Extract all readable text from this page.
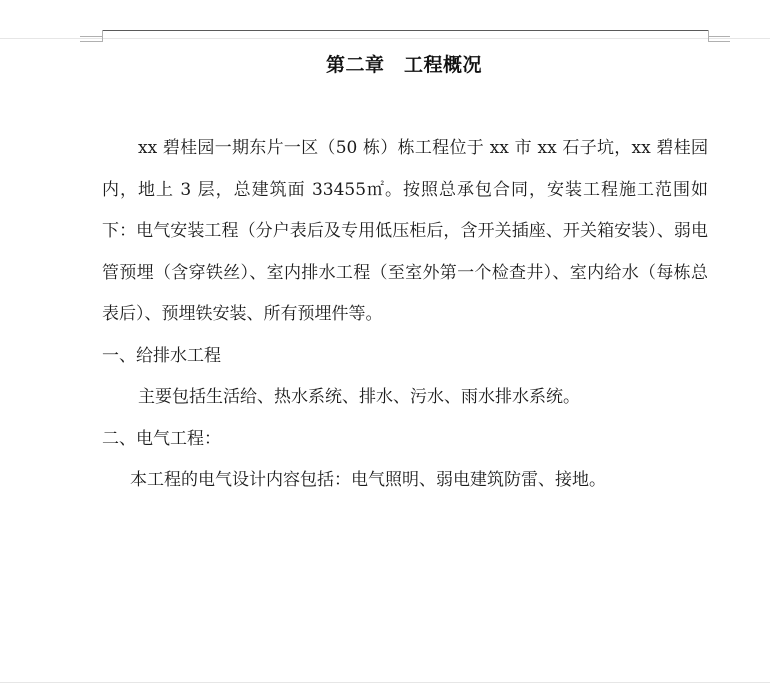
第二章　工程概况

xx 碧桂园一期东片一区（50 栋）栋工程位于 xx 市 xx 石子坑，xx 碧桂园内，地上 3 层，总建筑面 33455㎡。按照总承包合同，安装工程施工范围如下：电气安装工程（分户表后及专用低压柜后，含开关插座、开关箱安装）、弱电管预埋（含穿铁丝）、室内排水工程（至室外第一个检查井）、室内给水（每栋总表后）、预埋铁安装、所有预埋件等。

一、给排水工程

主要包括生活给、热水系统、排水、污水、雨水排水系统。

二、电气工程：

本工程的电气设计内容包括：电气照明、弱电建筑防雷、接地。
